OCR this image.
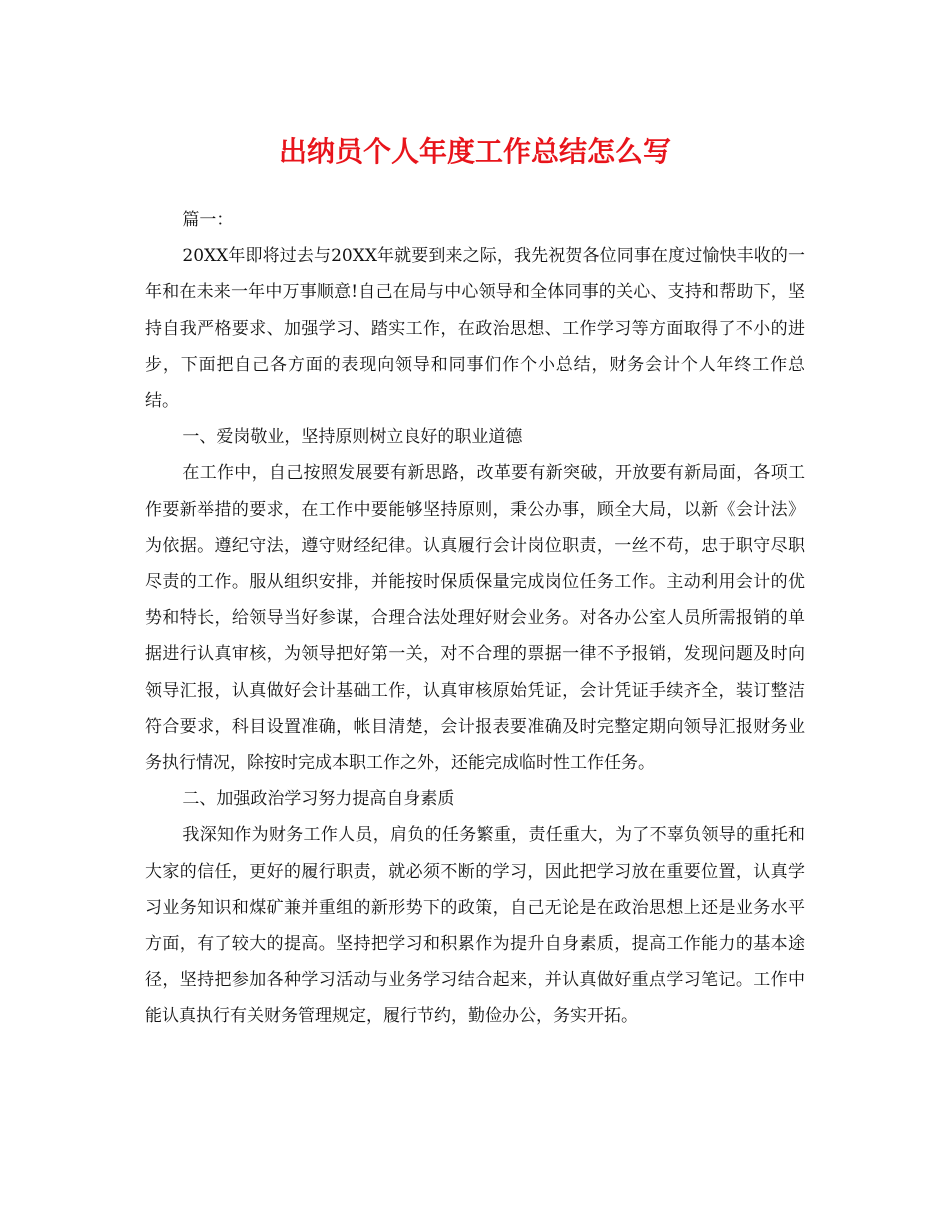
出纳员个人年度工作总结怎么写

篇一：

20XX年即将过去与20XX年就要到来之际，我先祝贺各位同事在度过愉快丰收的一年和在未来一年中万事顺意!自己在局与中心领导和全体同事的关心、支持和帮助下，坚持自我严格要求、加强学习、踏实工作，在政治思想、工作学习等方面取得了不小的进步，下面把自己各方面的表现向领导和同事们作个小总结，财务会计个人年终工作总结。

一、爱岗敬业，坚持原则树立良好的职业道德

在工作中，自己按照发展要有新思路，改革要有新突破，开放要有新局面，各项工作要新举措的要求，在工作中要能够坚持原则，秉公办事，顾全大局，以新《会计法》为依据。遵纪守法，遵守财经纪律。认真履行会计岗位职责，一丝不苟，忠于职守尽职尽责的工作。服从组织安排，并能按时保质保量完成岗位任务工作。主动利用会计的优势和特长，给领导当好参谋，合理合法处理好财会业务。对各办公室人员所需报销的单据进行认真审核，为领导把好第一关，对不合理的票据一律不予报销，发现问题及时向领导汇报，认真做好会计基础工作，认真审核原始凭证，会计凭证手续齐全，装订整洁符合要求，科目设置准确，帐目清楚，会计报表要准确及时完整定期向领导汇报财务业务执行情况，除按时完成本职工作之外，还能完成临时性工作任务。

二、加强政治学习努力提高自身素质

我深知作为财务工作人员，肩负的任务繁重，责任重大，为了不辜负领导的重托和大家的信任，更好的履行职责，就必须不断的学习，因此把学习放在重要位置，认真学习业务知识和煤矿兼并重组的新形势下的政策，自己无论是在政治思想上还是业务水平方面，有了较大的提高。坚持把学习和积累作为提升自身素质，提高工作能力的基本途径，坚持把参加各种学习活动与业务学习结合起来，并认真做好重点学习笔记。工作中能认真执行有关财务管理规定，履行节约，勤俭办公，务实开拓。
